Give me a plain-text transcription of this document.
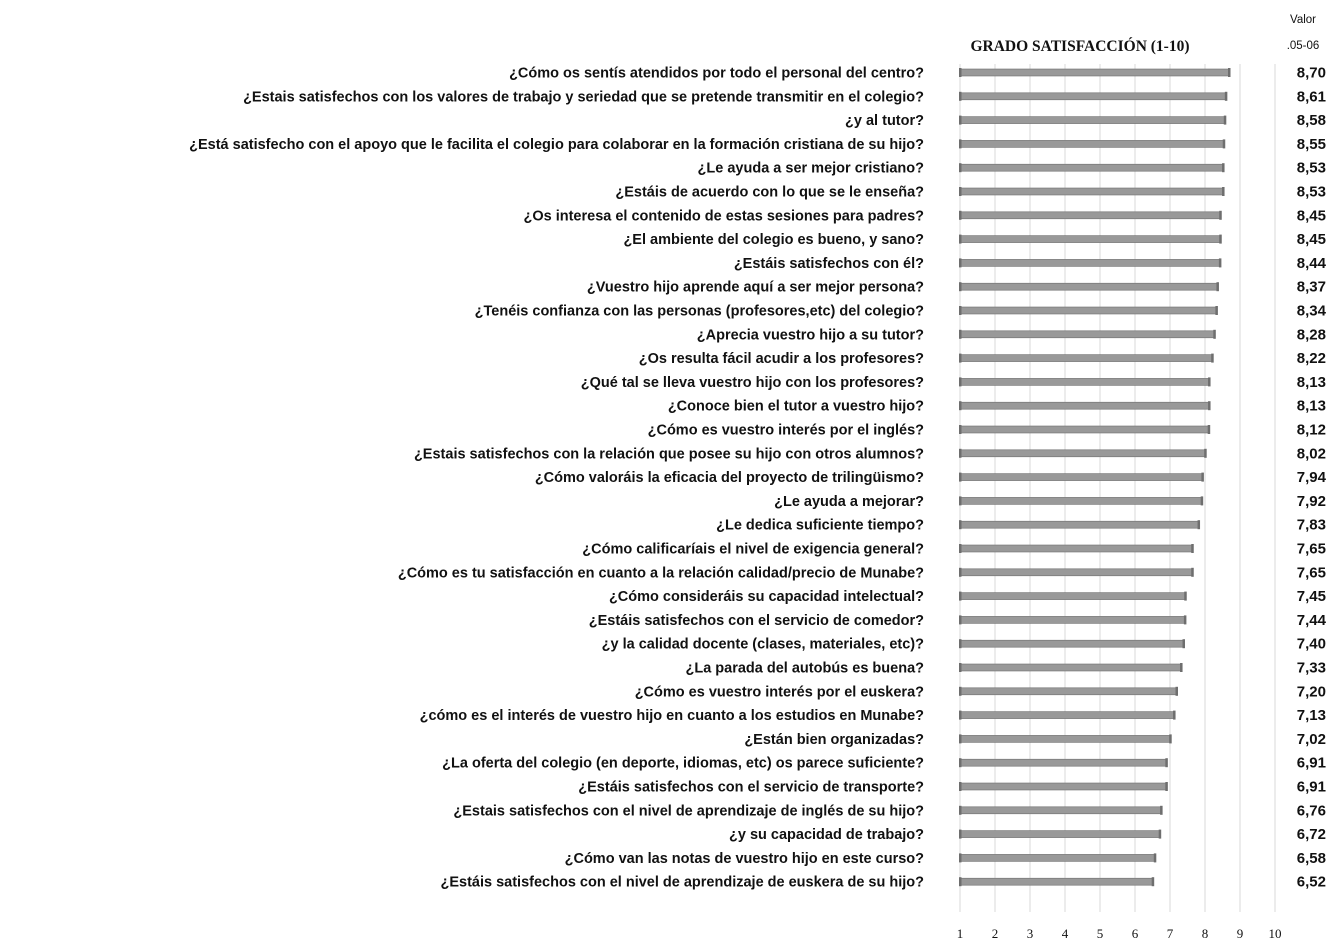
GRADO SATISFACCIÓN (1-10)
Valor
.05-06
¿Cómo os sentís atendidos por todo el personal del centro?
¿Estais satisfechos con los valores de trabajo y seriedad que se pretende transmitir en el colegio?
¿y al tutor?
¿Está satisfecho con el apoyo que le facilita el colegio para colaborar en la formación cristiana de su hijo?
¿Le ayuda a ser mejor cristiano?
¿Estáis de acuerdo con lo que se le enseña?
¿Os interesa el contenido de estas sesiones para padres?
¿El ambiente del colegio es bueno, y sano?
¿Estáis satisfechos con él?
¿Vuestro hijo aprende aquí a ser mejor persona?
¿Tenéis confianza con las personas (profesores,etc) del colegio?
¿Aprecia vuestro hijo a su tutor?
¿Os resulta fácil acudir a los profesores?
¿Qué tal se lleva vuestro hijo con los profesores?
¿Conoce bien el tutor a vuestro hijo?
¿Cómo es vuestro interés por el inglés?
¿Estais satisfechos con la relación que posee su hijo con otros alumnos?
¿Cómo valoráis la eficacia del proyecto de trilingüismo?
¿Le ayuda a mejorar?
¿Le dedica suficiente tiempo?
¿Cómo calificaríais el nivel de exigencia general?
¿Cómo es tu satisfacción en cuanto a la relación calidad/precio de Munabe?
¿Cómo consideráis su capacidad intelectual?
¿Estáis satisfechos con el servicio de comedor?
¿y la calidad docente (clases, materiales, etc)?
¿La parada del autobús es buena?
¿Cómo es vuestro interés por el euskera?
¿cómo es el interés de vuestro hijo en cuanto a los estudios en Munabe?
¿Están bien organizadas?
¿La oferta del colegio (en deporte, idiomas, etc) os parece suficiente?
¿Estáis satisfechos con el servicio de transporte?
¿Estais satisfechos con el nivel de aprendizaje de inglés de su hijo?
¿y su capacidad de trabajo?
¿Cómo van las notas de vuestro hijo en este curso?
¿Estáis satisfechos con el nivel de aprendizaje de euskera de su hijo?
8,70
8,61
8,58
8,55
8,53
8,53
8,45
8,45
8,44
8,37
8,34
8,28
8,22
8,13
8,13
8,12
8,02
7,94
7,92
7,83
7,65
7,65
7,45
7,44
7,40
7,33
7,20
7,13
7,02
6,91
6,91
6,76
6,72
6,58
6,52
1 2 3 4 5 6 7 8 9 10
